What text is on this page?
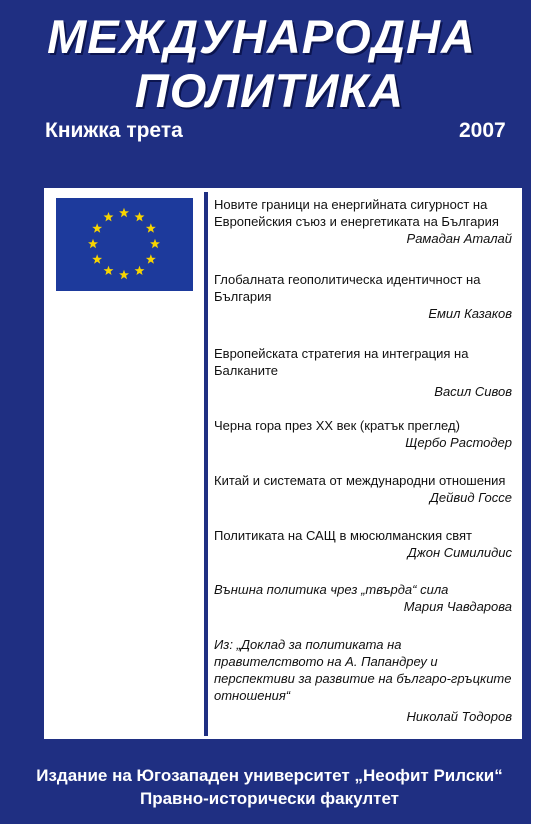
МЕЖДУНАРОДНА
ПОЛИТИКА
Книжка трета	2007
Новите граници на енергийната сигурност на Европейския съюз и енергетиката на България
Рамадан Аталай
Глобалната геополитическа идентичност на България
Емил Казаков
Европейската стратегия на интеграция на Балканите
Васил Сивов
Черна гора през XX век (кратък преглед)
Щербо Растодер
Китай и системата от международни отношения
Дейвид Госсе
Политиката на САЩ в мюсюлманския свят
Джон Симилидис
Външна политика чрез „твърда“ сила
Мария Чавдарова
Из: „Доклад за политиката на правителството на А. Папандреу и перспективи за развитие на българо-гръцките отношения“
Николай Тодоров
Издание на Югозападен университет „Неофит Рилски“
Правно-исторически факултет
